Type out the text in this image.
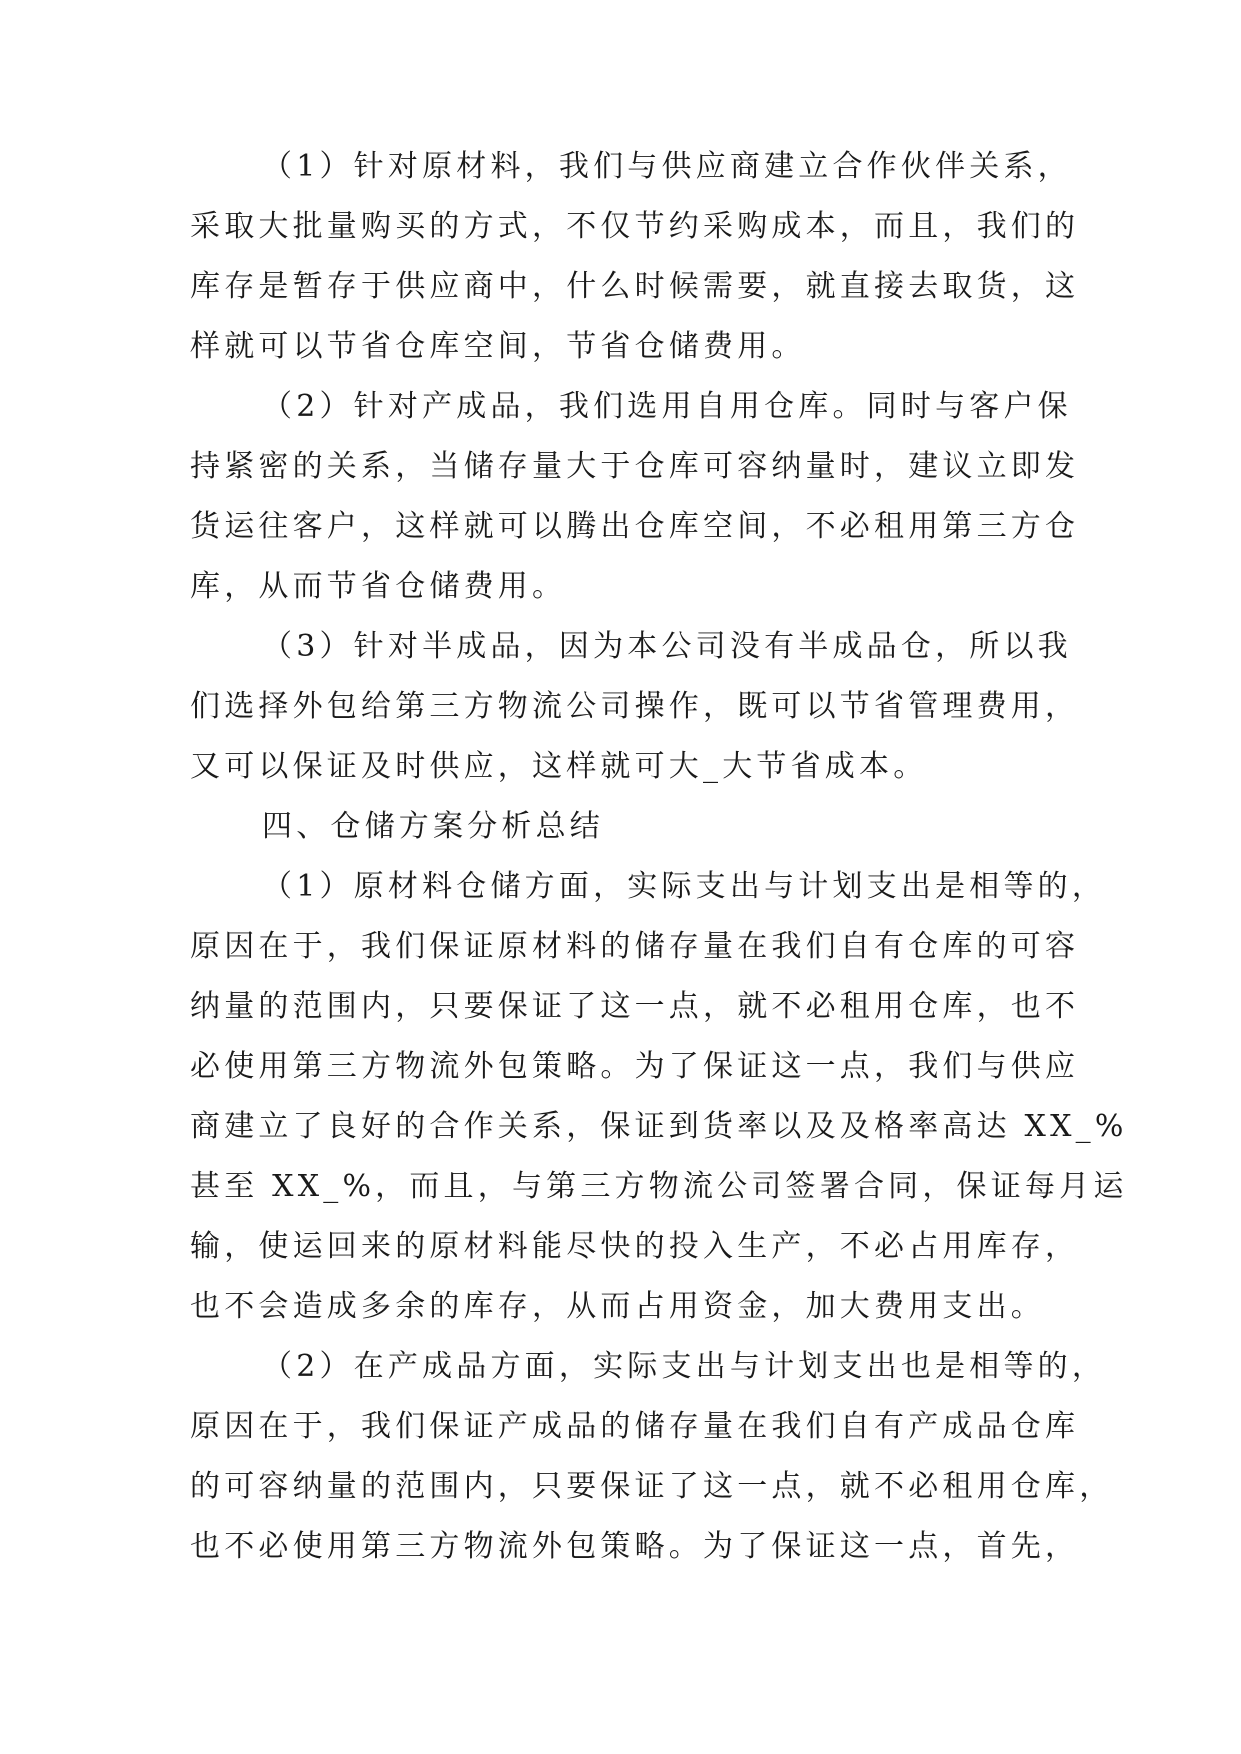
（1）针对原材料，我们与供应商建立合作伙伴关系，
采取大批量购买的方式，不仅节约采购成本，而且，我们的
库存是暂存于供应商中，什么时候需要，就直接去取货，这
样就可以节省仓库空间，节省仓储费用。
（2）针对产成品，我们选用自用仓库。同时与客户保
持紧密的关系，当储存量大于仓库可容纳量时，建议立即发
货运往客户，这样就可以腾出仓库空间，不必租用第三方仓
库，从而节省仓储费用。
（3）针对半成品，因为本公司没有半成品仓，所以我
们选择外包给第三方物流公司操作，既可以节省管理费用，
又可以保证及时供应，这样就可大_大节省成本。
四、仓储方案分析总结
（1）原材料仓储方面，实际支出与计划支出是相等的，
原因在于，我们保证原材料的储存量在我们自有仓库的可容
纳量的范围内，只要保证了这一点，就不必租用仓库，也不
必使用第三方物流外包策略。为了保证这一点，我们与供应
商建立了良好的合作关系，保证到货率以及及格率高达 XX_%
甚至 XX_%，而且，与第三方物流公司签署合同，保证每月运
输，使运回来的原材料能尽快的投入生产，不必占用库存，
也不会造成多余的库存，从而占用资金，加大费用支出。
（2）在产成品方面，实际支出与计划支出也是相等的，
原因在于，我们保证产成品的储存量在我们自有产成品仓库
的可容纳量的范围内，只要保证了这一点，就不必租用仓库，
也不必使用第三方物流外包策略。为了保证这一点，首先，
